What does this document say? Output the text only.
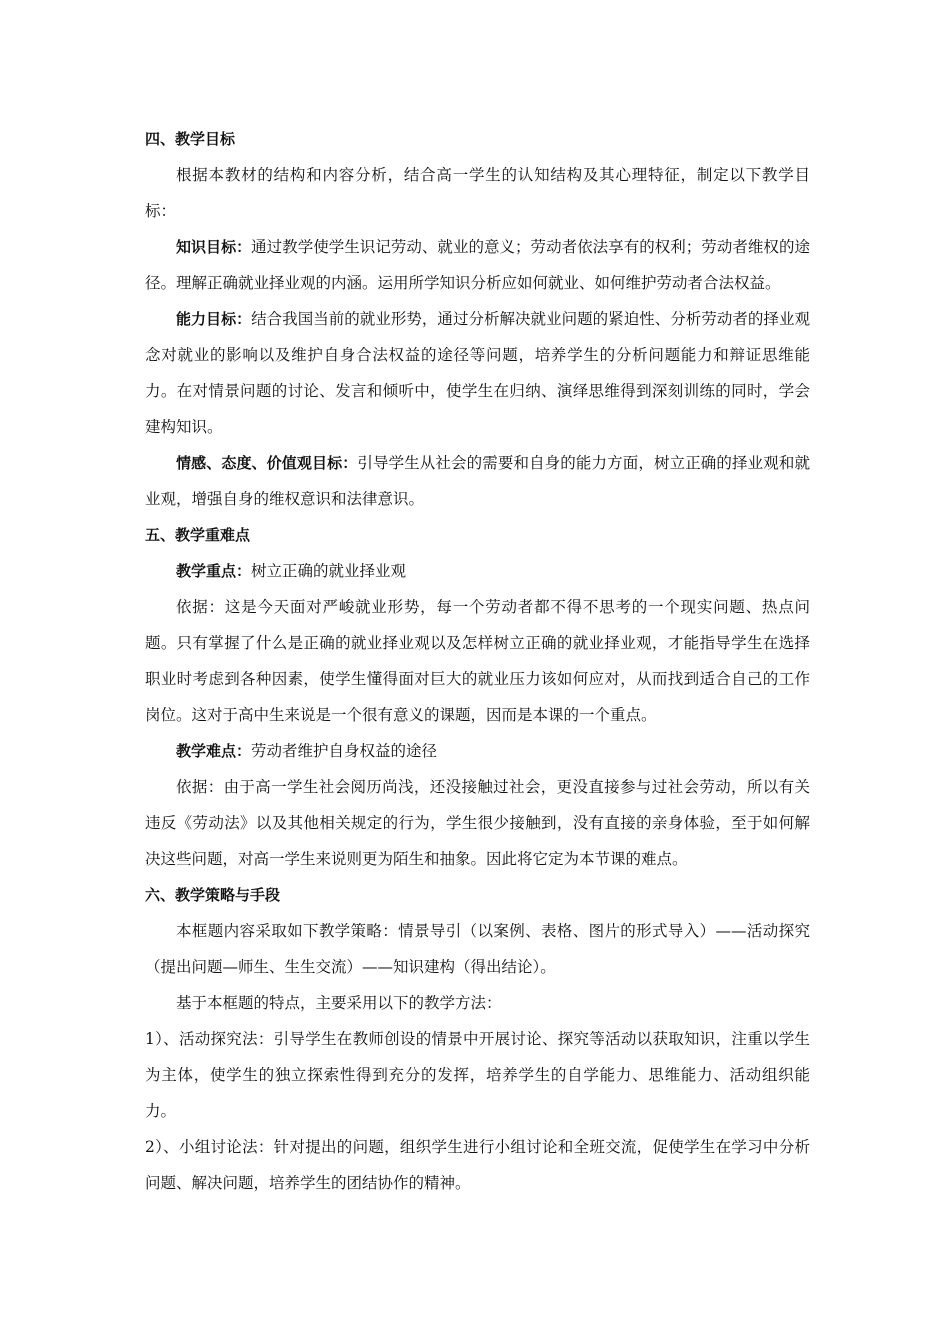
四、教学目标
根据本教材的结构和内容分析，结合高一学生的认知结构及其心理特征，制定以下教学目标：
知识目标：通过教学使学生识记劳动、就业的意义；劳动者依法享有的权利；劳动者维权的途径。理解正确就业择业观的内涵。运用所学知识分析应如何就业、如何维护劳动者合法权益。
能力目标：结合我国当前的就业形势，通过分析解决就业问题的紧迫性、分析劳动者的择业观念对就业的影响以及维护自身合法权益的途径等问题，培养学生的分析问题能力和辩证思维能力。在对情景问题的讨论、发言和倾听中，使学生在归纳、演绎思维得到深刻训练的同时，学会建构知识。
情感、态度、价值观目标：引导学生从社会的需要和自身的能力方面，树立正确的择业观和就业观，增强自身的维权意识和法律意识。
五、教学重难点
教学重点：树立正确的就业择业观
依据：这是今天面对严峻就业形势，每一个劳动者都不得不思考的一个现实问题、热点问题。只有掌握了什么是正确的就业择业观以及怎样树立正确的就业择业观，才能指导学生在选择职业时考虑到各种因素，使学生懂得面对巨大的就业压力该如何应对，从而找到适合自己的工作岗位。这对于高中生来说是一个很有意义的课题，因而是本课的一个重点。
教学难点：劳动者维护自身权益的途径
依据：由于高一学生社会阅历尚浅，还没接触过社会，更没直接参与过社会劳动，所以有关违反《劳动法》以及其他相关规定的行为，学生很少接触到，没有直接的亲身体验，至于如何解决这些问题，对高一学生来说则更为陌生和抽象。因此将它定为本节课的难点。
六、教学策略与手段
本框题内容采取如下教学策略：情景导引（以案例、表格、图片的形式导入）——活动探究（提出问题—师生、生生交流）——知识建构（得出结论）。
基于本框题的特点，主要采用以下的教学方法：
1）、活动探究法：引导学生在教师创设的情景中开展讨论、探究等活动以获取知识，注重以学生为主体，使学生的独立探索性得到充分的发挥，培养学生的自学能力、思维能力、活动组织能力。
2）、小组讨论法：针对提出的问题，组织学生进行小组讨论和全班交流，促使学生在学习中分析问题、解决问题，培养学生的团结协作的精神。
